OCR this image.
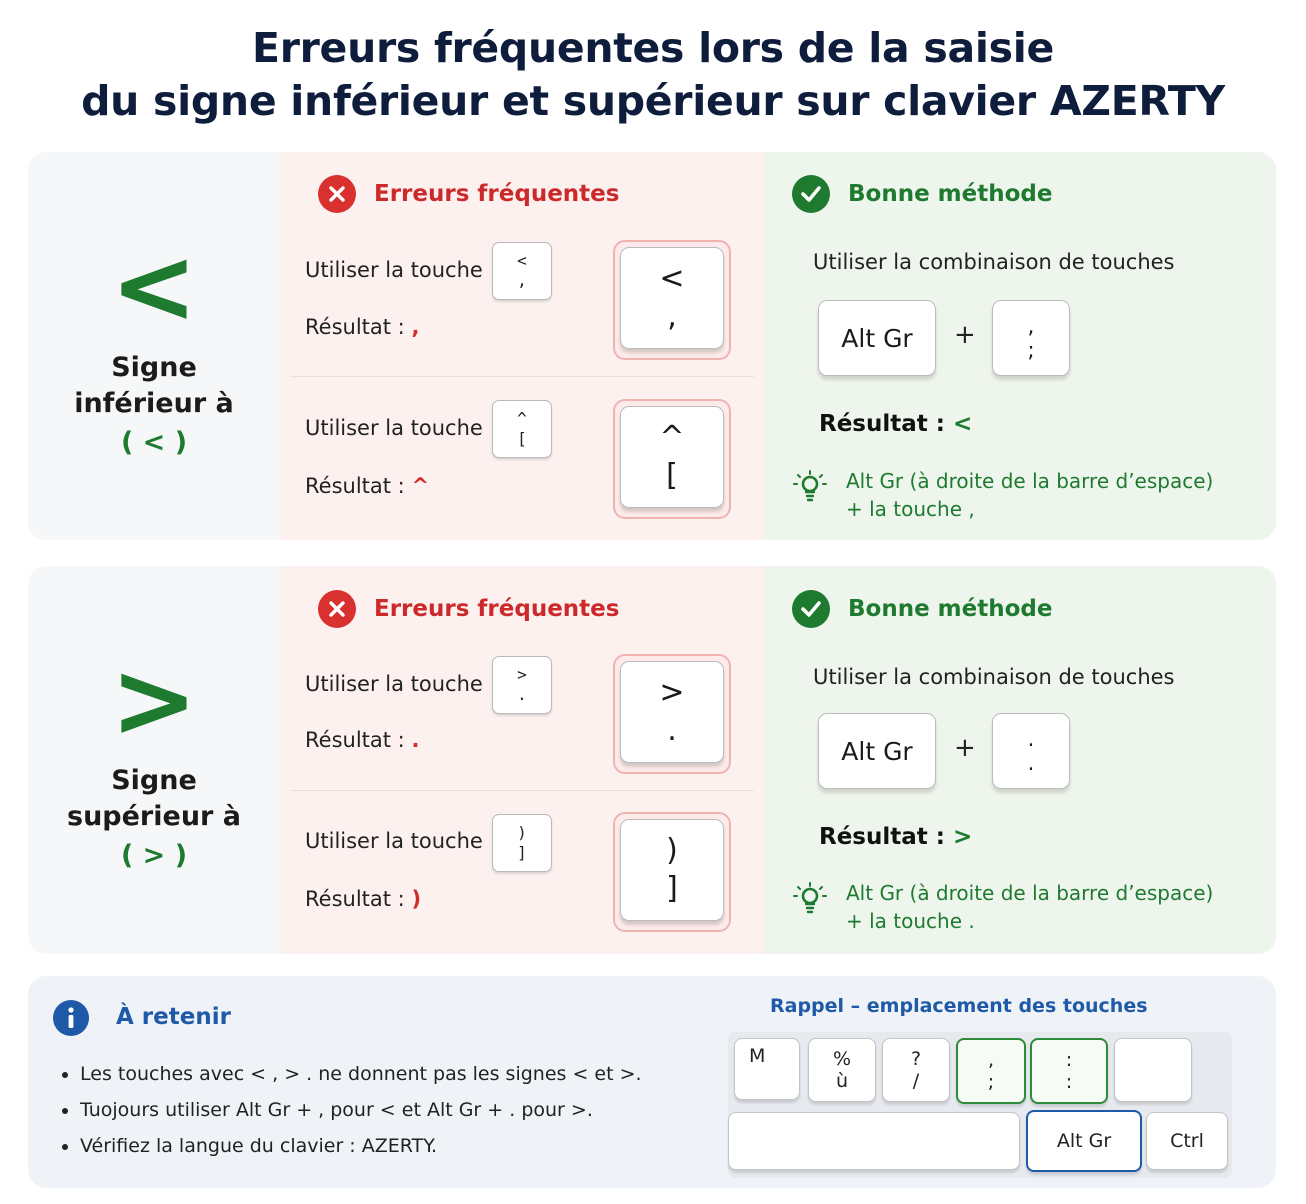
Erreurs fréquentes lors de la saisie
du signe inférieur et supérieur sur clavier AZERTY
<
Signe
inférieur à
( < )
Erreurs fréquentes
Utiliser la touche <
,
Résultat : ,
<
,
Utiliser la touche ^
[
Résultat : ^
^
[
Bonne méthode
Utiliser la combinaison de touches
Alt Gr	+ ,
;
Résultat : <
Alt Gr (à droite de la barre d’espace)
+ la touche ,
>
Signe
supérieur à
( > )
Erreurs fréquentes
Utiliser la touche >
.
Résultat : .
>
.
Utiliser la touche )
]
Résultat : )
)
]
Bonne méthode
Utiliser la combinaison de touches
Alt Gr	+ .
.
Résultat : >
Alt Gr (à droite de la barre d’espace)
+ la touche .
À retenir
• Les touches avec < , > . ne donnent pas les signes < et >.
• Tuojours utiliser Alt Gr + , pour < et Alt Gr + . pour >.
• Vérifiez la langue du clavier : AZERTY.
Rappel – emplacement des touches
M	%
ù
?
/
,
;
:
:
Alt Gr	Ctrl
